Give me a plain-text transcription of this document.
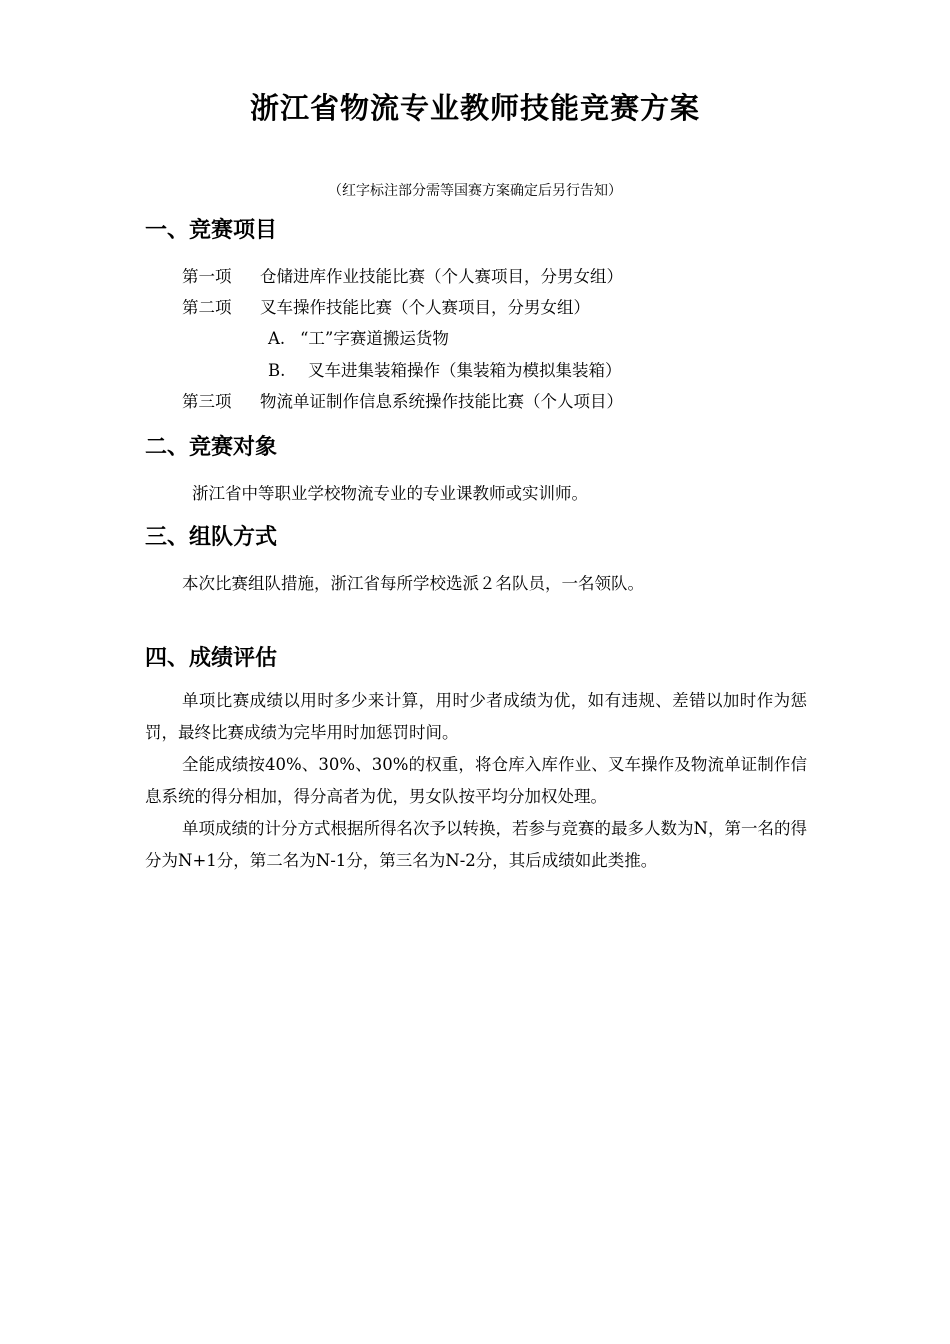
浙江省物流专业教师技能竞赛方案
（红字标注部分需等国赛方案确定后另行告知）
一、竞赛项目
第一项 仓储进库作业技能比赛（个人赛项目，分男女组）
第二项 叉车操作技能比赛（个人赛项目，分男女组）
A. “工”字赛道搬运货物
B. 叉车进集装箱操作（集装箱为模拟集装箱）
第三项 物流单证制作信息系统操作技能比赛（个人项目）
二、竞赛对象
浙江省中等职业学校物流专业的专业课教师或实训师。
三、组队方式
本次比赛组队措施，浙江省每所学校选派２名队员，一名领队。
四、成绩评估
单项比赛成绩以用时多少来计算，用时少者成绩为优，如有违规、差错以加时作为惩罚，最终比赛成绩为完毕用时加惩罚时间。
全能成绩按40%、30%、30%的权重，将仓库入库作业、叉车操作及物流单证制作信息系统的得分相加，得分高者为优，男女队按平均分加权处理。
单项成绩的计分方式根据所得名次予以转换，若参与竞赛的最多人数为N，第一名的得分为N+1分，第二名为N-1分，第三名为N-2分，其后成绩如此类推。
